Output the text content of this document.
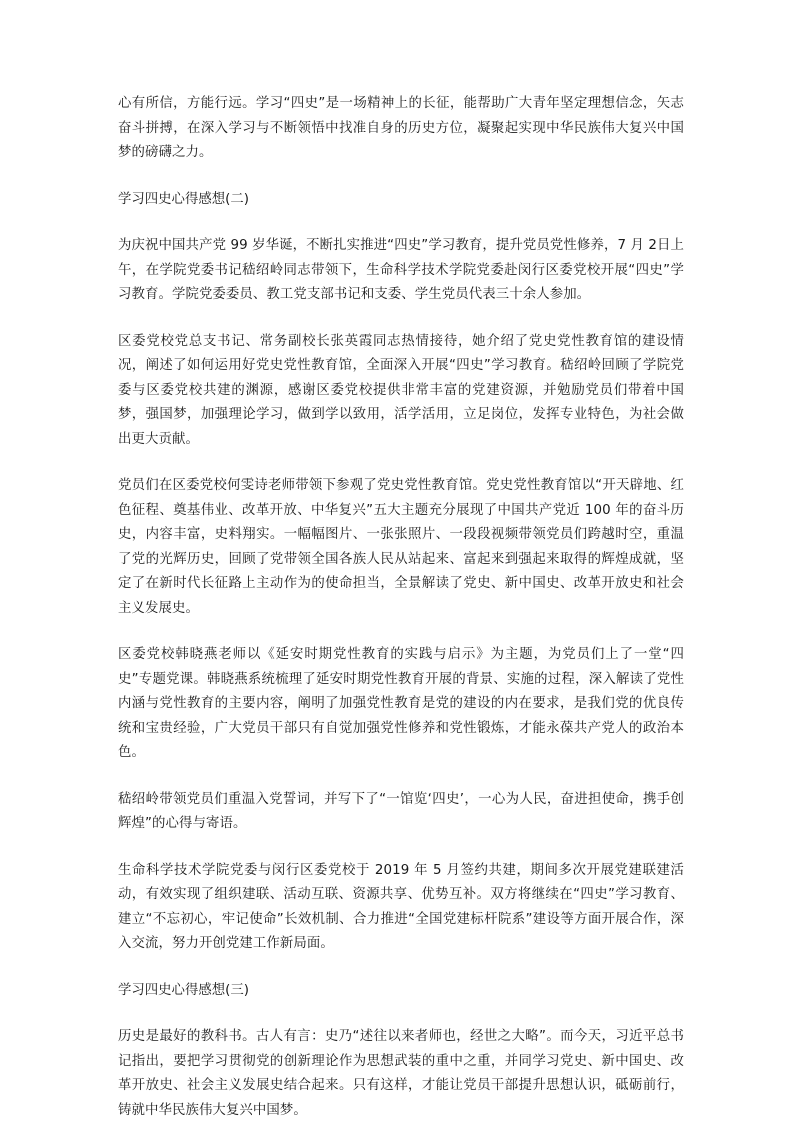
心有所信，方能行远。学习“四史”是一场精神上的长征，能帮助广大青年坚定理想信念，矢志奋斗拼搏，在深入学习与不断领悟中找准自身的历史方位，凝聚起实现中华民族伟大复兴中国梦的磅礴之力。

学习四史心得感想(二)

为庆祝中国共产党 99 岁华诞，不断扎实推进“四史”学习教育，提升党员党性修养，7 月 2日上午，在学院党委书记嵇绍岭同志带领下，生命科学技术学院党委赴闵行区委党校开展“四史”学习教育。学院党委委员、教工党支部书记和支委、学生党员代表三十余人参加。

区委党校党总支书记、常务副校长张英霞同志热情接待，她介绍了党史党性教育馆的建设情况，阐述了如何运用好党史党性教育馆，全面深入开展“四史”学习教育。嵇绍岭回顾了学院党委与区委党校共建的渊源，感谢区委党校提供非常丰富的党建资源，并勉励党员们带着中国梦，强国梦，加强理论学习，做到学以致用，活学活用，立足岗位，发挥专业特色，为社会做出更大贡献。

党员们在区委党校何雯诗老师带领下参观了党史党性教育馆。党史党性教育馆以“开天辟地、红色征程、奠基伟业、改革开放、中华复兴”五大主题充分展现了中国共产党近 100 年的奋斗历史，内容丰富，史料翔实。一幅幅图片、一张张照片、一段段视频带领党员们跨越时空，重温了党的光辉历史，回顾了党带领全国各族人民从站起来、富起来到强起来取得的辉煌成就，坚定了在新时代长征路上主动作为的使命担当，全景解读了党史、新中国史、改革开放史和社会主义发展史。

区委党校韩晓燕老师以《延安时期党性教育的实践与启示》为主题，为党员们上了一堂“四史”专题党课。韩晓燕系统梳理了延安时期党性教育开展的背景、实施的过程，深入解读了党性内涵与党性教育的主要内容，阐明了加强党性教育是党的建设的内在要求，是我们党的优良传统和宝贵经验，广大党员干部只有自觉加强党性修养和党性锻炼，才能永葆共产党人的政治本色。

嵇绍岭带领党员们重温入党誓词，并写下了“一馆览‘四史’，一心为人民，奋进担使命，携手创辉煌”的心得与寄语。

生命科学技术学院党委与闵行区委党校于 2019 年 5 月签约共建，期间多次开展党建联建活动，有效实现了组织建联、活动互联、资源共享、优势互补。双方将继续在“四史”学习教育、建立“不忘初心，牢记使命”长效机制、合力推进“全国党建标杆院系”建设等方面开展合作，深入交流，努力开创党建工作新局面。

学习四史心得感想(三)

历史是最好的教科书。古人有言：史乃“述往以来者师也，经世之大略”。而今天，习近平总书记指出，要把学习贯彻党的创新理论作为思想武装的重中之重，并同学习党史、新中国史、改革开放史、社会主义发展史结合起来。只有这样，才能让党员干部提升思想认识，砥砺前行，铸就中华民族伟大复兴中国梦。
